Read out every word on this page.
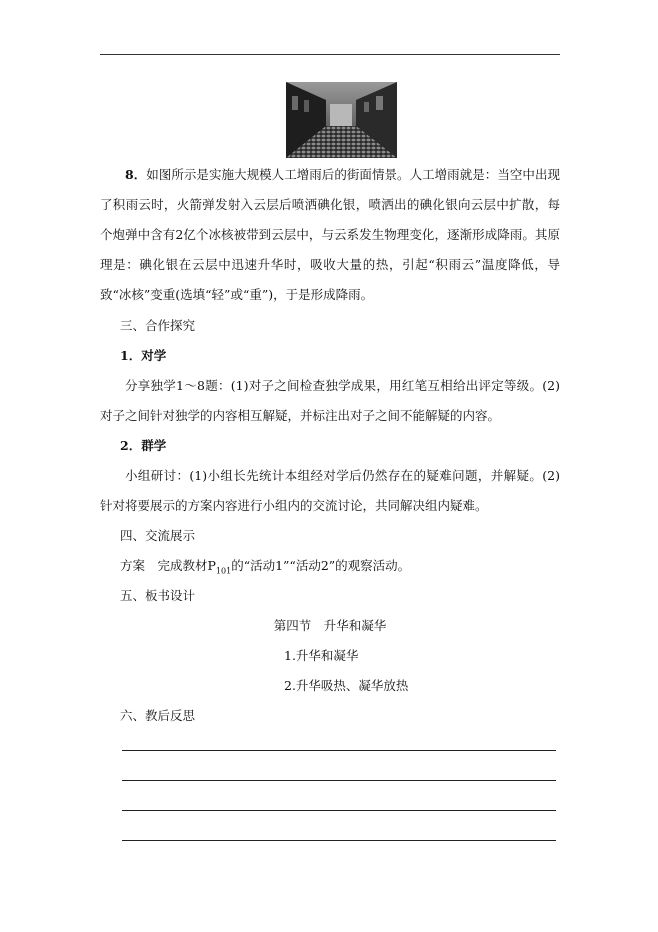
8．如图所示是实施大规模人工增雨后的街面情景。人工增雨就是：当空中出现了积雨云时，火箭弹发射入云层后喷洒碘化银，喷洒出的碘化银向云层中扩散，每个炮弹中含有2亿个冰核被带到云层中，与云系发生物理变化，逐渐形成降雨。其原理是：碘化银在云层中迅速升华时，吸收大量的热，引起“积雨云”温度降低，导致“冰核”变重(选填“轻”或“重”)，于是形成降雨。
三、合作探究
1．对学
分享独学1～8题：(1)对子之间检查独学成果，用红笔互相给出评定等级。(2)对子之间针对独学的内容相互解疑，并标注出对子之间不能解疑的内容。
2．群学
小组研讨：(1)小组长先统计本组经对学后仍然存在的疑难问题，并解疑。(2)针对将要展示的方案内容进行小组内的交流讨论，共同解决组内疑难。
四、交流展示
方案　完成教材$P_{101}$的“活动1”“活动2”的观察活动。
五、板书设计
第四节　升华和凝华
1.升华和凝华
2.升华吸热、凝华放热
六、教后反思
